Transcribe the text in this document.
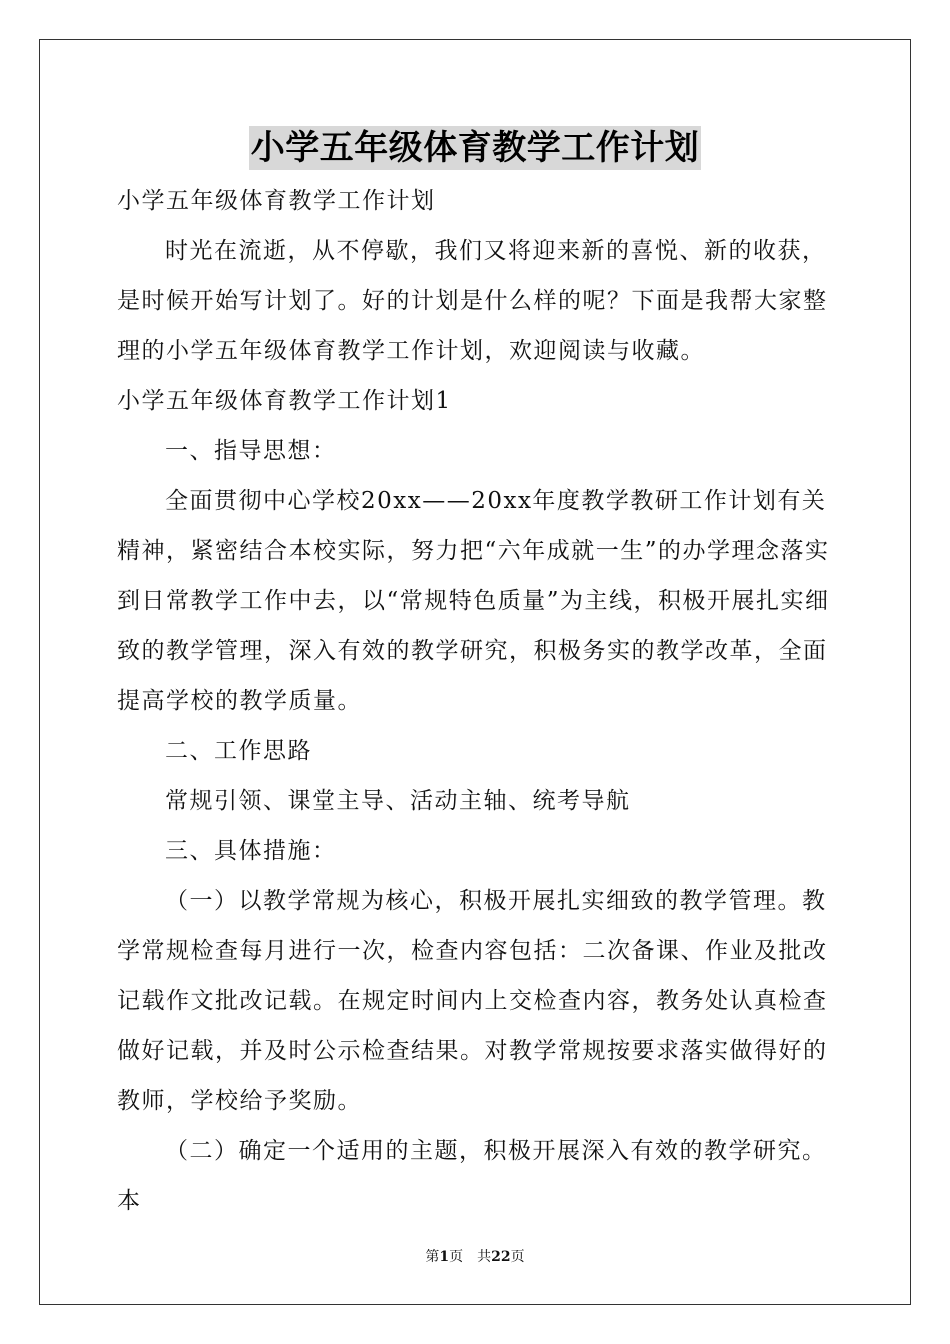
小学五年级体育教学工作计划

小学五年级体育教学工作计划

时光在流逝，从不停歇，我们又将迎来新的喜悦、新的收获，是时候开始写计划了。好的计划是什么样的呢？下面是我帮大家整理的小学五年级体育教学工作计划，欢迎阅读与收藏。

小学五年级体育教学工作计划1

一、指导思想：

全面贯彻中心学校20xx——20xx年度教学教研工作计划有关精神，紧密结合本校实际，努力把“六年成就一生”的办学理念落实到日常教学工作中去，以“常规特色质量”为主线，积极开展扎实细致的教学管理，深入有效的教学研究，积极务实的教学改革，全面提高学校的教学质量。

二、工作思路

常规引领、课堂主导、活动主轴、统考导航

三、具体措施：

（一）以教学常规为核心，积极开展扎实细致的教学管理。教学常规检查每月进行一次，检查内容包括：二次备课、作业及批改记载作文批改记载。在规定时间内上交检查内容，教务处认真检查做好记载，并及时公示检查结果。对教学常规按要求落实做得好的教师，学校给予奖励。

（二）确定一个适用的主题，积极开展深入有效的教学研究。本

第1页 共22页
